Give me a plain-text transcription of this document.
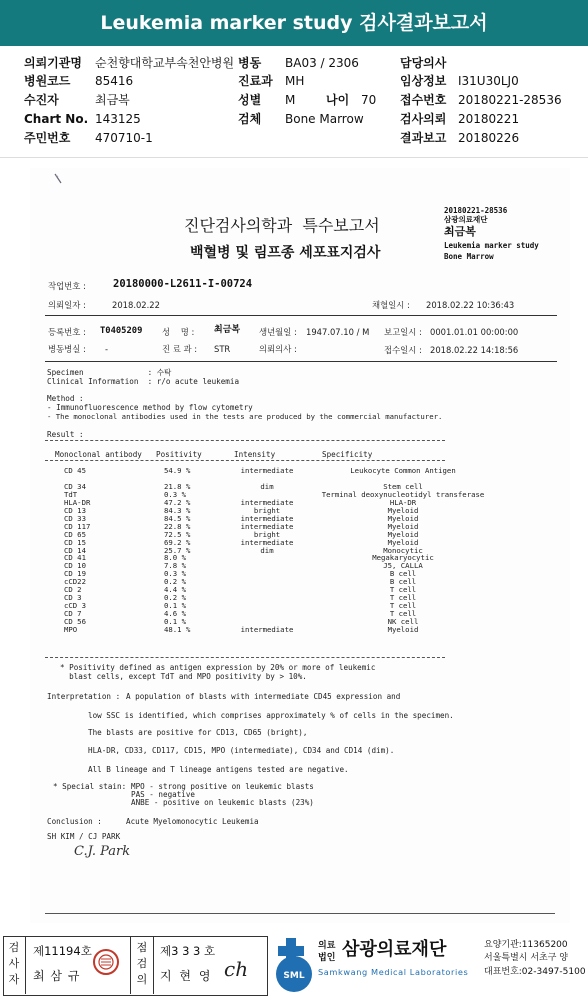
Leukemia marker study 검사결과보고서
의뢰기관명 순천향대학교부속천안병원 병동 BA03 / 2306	담당의사
병원코드 85416	진료과 MH	임상정보 I31U30LJ0
수진자	최금복	성별 M	나이 70 접수번호 20180221-28536
Chart No. 143125	검체 Bone Marrow	검사의뢰 20180221
주민번호 470710-1	결과보고 20180226
20180221-28536
삼광의료재단
최금복
Leukemia marker study
Bone Marrow
진단검사의학과  특수보고서
백혈병 및 림프종 세포표지검사
작업번호 :	20180000-L2611-I-00724
의뢰일자 :	2018.02.22	채혈일시 : 2018.02.22 10:36:43
등록번호 : T0405209 성    명 : 최금복 생년월일 : 1947.07.10 / M 보고일시 : 0001.01.01 00:00:00
병동병실 : -	진 료 과 : STR	의뢰의사 :	접수일시 : 2018.02.22 14:18:56
Specimen              : 수탁
Clinical Information  : r/o acute leukemia
Method :
- Immunofluorescence method by flow cytometry
- The monoclonal antibodies used in the tests are produced by the commercial manufacturer.
Result :
Monoclonal antibody Positivity	Intensity	Specificity
CD 45	54.9 %	intermediate	Leukocyte Common Antigen

CD 34	21.8 %	dim	Stem cell
TdT	0.3 %		Terminal deoxynucleotidyl transferase
HLA-DR	47.2 %	intermediate	HLA-DR
CD 13	84.3 %	bright	Myeloid
CD 33	84.5 %	intermediate	Myeloid
CD 117	22.8 %	intermediate	Myeloid
CD 65	72.5 %	bright	Myeloid
CD 15	69.2 %	intermediate	Myeloid
CD 14	25.7 %	dim	Monocytic
CD 41	8.0 %		Megakaryocytic
CD 10	7.8 %		J5, CALLA
CD 19	0.3 %		B cell
cCD22	0.2 %		B cell
CD 2	4.4 %		T cell
CD 3	0.2 %		T cell
cCD 3	0.1 %		T cell
CD 7	4.6 %		T cell
CD 56	0.1 %		NK cell
MPO	48.1 %	intermediate	Myeloid
* Positivity defined as antigen expression by 20% or more of leukemic
blast cells, except TdT and MPO positivity by > 10%.
Interpretation : A population of blasts with intermediate CD45 expression and
low SSC is identified, which comprises approximately % of cells in the specimen.
The blasts are positive for CD13, CD65 (bright),
HLA-DR, CD33, CD117, CD15, MPO (intermediate), CD34 and CD14 (dim).
All B lineage and T lineage antigens tested are negative.
* Special stain: MPO - strong positive on leukemic blasts
PAS - negative
ANBE - positive on leukemic blasts (23%)
Conclusion :	Acute Myelomonocytic Leukemia
SH KIM / CJ PARK
C.J. Park
검
사
자
제11194호
최 삼 규
점
검
의
제3 3 3 호
지 현 영 ch	SML
의료
법인 삼광의료재단
Samkwang Medical Laboratories
요양기관:11365200
서울특별시 서초구 양
대표번호:02-3497-5100
